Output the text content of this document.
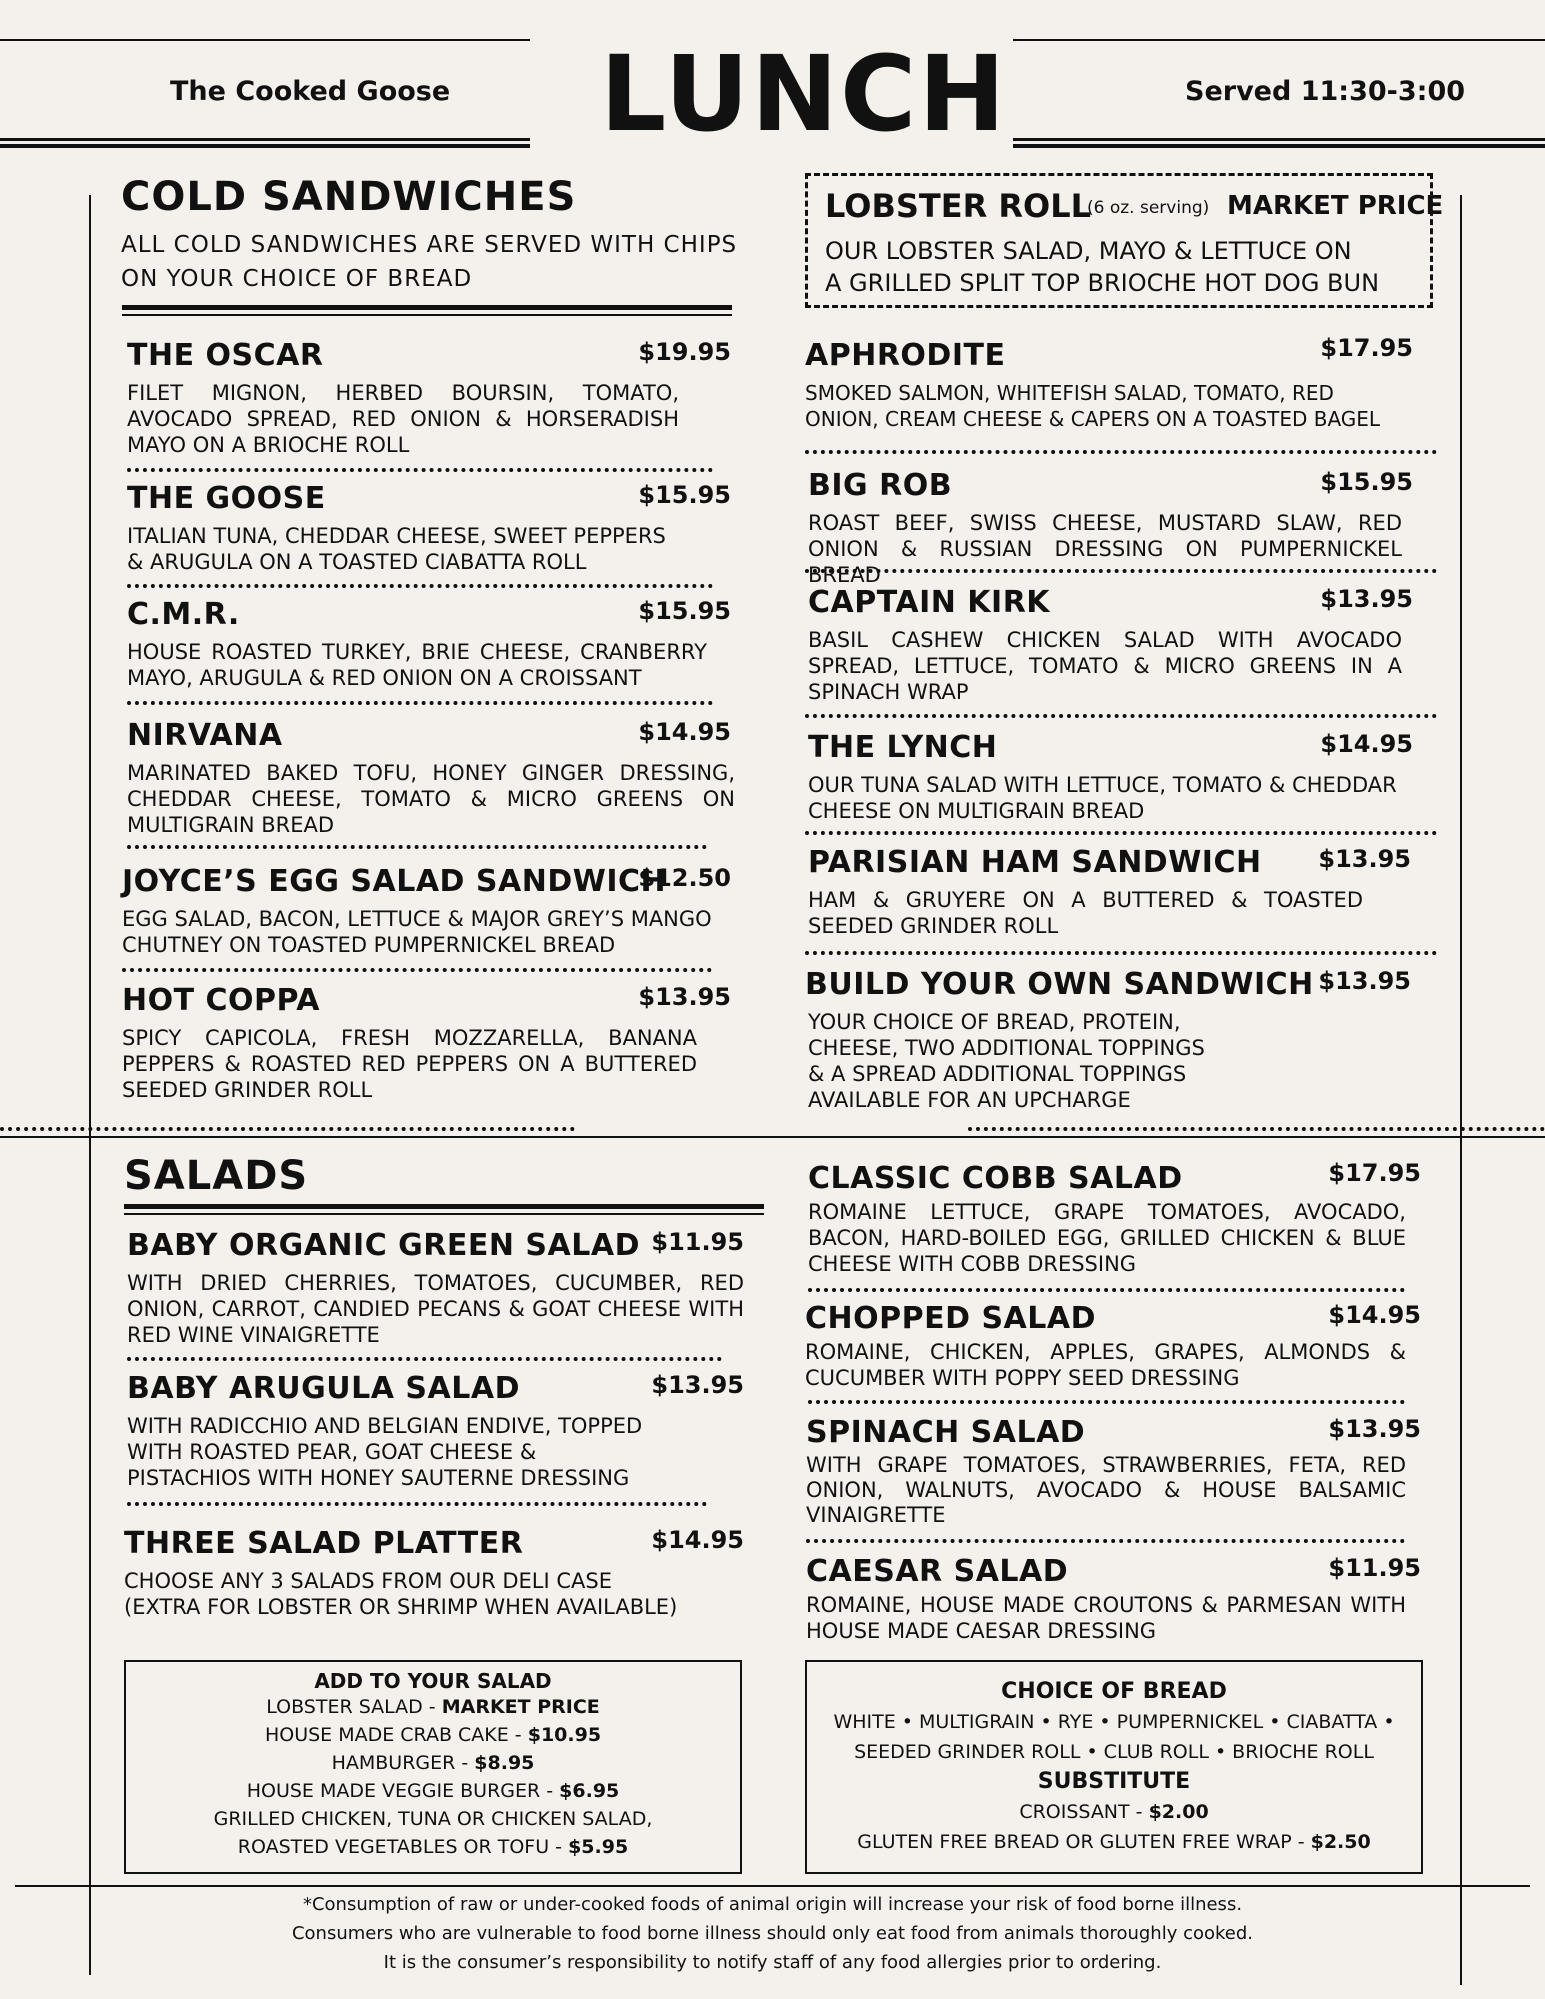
The Cooked Goose LUNCH	Served 11:30-3:00
COLD SANDWICHES
ALL COLD SANDWICHES ARE SERVED WITH CHIPS
ON YOUR CHOICE OF BREAD
THE OSCAR	$19.95
FILET MIGNON, HERBED BOURSIN, TOMATO, AVOCADO SPREAD, RED ONION & HORSERADISH MAYO ON A BRIOCHE ROLL
THE GOOSE	$15.95
ITALIAN TUNA, CHEDDAR CHEESE, SWEET PEPPERS & ARUGULA ON A TOASTED CIABATTA ROLL
C.M.R.	$15.95
HOUSE ROASTED TURKEY, BRIE CHEESE, CRANBERRY MAYO, ARUGULA & RED ONION ON A CROISSANT
NIRVANA	$14.95
MARINATED BAKED TOFU, HONEY GINGER DRESSING, CHEDDAR CHEESE, TOMATO & MICRO GREENS ON MULTIGRAIN BREAD
JOYCE’S EGG SALAD SANDWICH
$12.50
EGG SALAD, BACON, LETTUCE & MAJOR GREY’S MANGO CHUTNEY ON TOASTED PUMPERNICKEL BREAD
HOT COPPA	$13.95
SPICY CAPICOLA, FRESH MOZZARELLA, BANANA PEPPERS & ROASTED RED PEPPERS ON A BUTTERED SEEDED GRINDER ROLL
LOBSTER ROLL
(6 oz. serving) MARKET PRICE
OUR LOBSTER SALAD, MAYO & LETTUCE ON
A GRILLED SPLIT TOP BRIOCHE HOT DOG BUN
APHRODITE	$17.95
SMOKED SALMON, WHITEFISH SALAD, TOMATO, RED ONION, CREAM CHEESE & CAPERS ON A TOASTED BAGEL
BIG ROB	$15.95
ROAST BEEF, SWISS CHEESE, MUSTARD SLAW, RED ONION & RUSSIAN DRESSING ON PUMPERNICKEL BREAD
CAPTAIN KIRK	$13.95
BASIL CASHEW CHICKEN SALAD WITH AVOCADO SPREAD, LETTUCE, TOMATO & MICRO GREENS IN A SPINACH WRAP
THE LYNCH	$14.95
OUR TUNA SALAD WITH LETTUCE, TOMATO & CHEDDAR CHEESE ON MULTIGRAIN BREAD
PARISIAN HAM SANDWICH $13.95
HAM & GRUYERE ON A BUTTERED & TOASTED SEEDED GRINDER ROLL
BUILD YOUR OWN SANDWICH $13.95
YOUR CHOICE OF BREAD, PROTEIN, CHEESE, TWO ADDITIONAL TOPPINGS & A SPREAD ADDITIONAL TOPPINGS AVAILABLE FOR AN UPCHARGE
SALADS
BABY ORGANIC GREEN SALAD $11.95
WITH DRIED CHERRIES, TOMATOES, CUCUMBER, RED ONION, CARROT, CANDIED PECANS & GOAT CHEESE WITH RED WINE VINAIGRETTE
BABY ARUGULA SALAD	$13.95
WITH RADICCHIO AND BELGIAN ENDIVE, TOPPED WITH ROASTED PEAR, GOAT CHEESE & PISTACHIOS WITH HONEY SAUTERNE DRESSING
THREE SALAD PLATTER	$14.95
CHOOSE ANY 3 SALADS FROM OUR DELI CASE (EXTRA FOR LOBSTER OR SHRIMP WHEN AVAILABLE)
CLASSIC COBB SALAD	$17.95
ROMAINE LETTUCE, GRAPE TOMATOES, AVOCADO, BACON, HARD-BOILED EGG, GRILLED CHICKEN & BLUE CHEESE WITH COBB DRESSING
CHOPPED SALAD	$14.95
ROMAINE, CHICKEN, APPLES, GRAPES, ALMONDS & CUCUMBER WITH POPPY SEED DRESSING
SPINACH SALAD	$13.95
WITH GRAPE TOMATOES, STRAWBERRIES, FETA, RED ONION, WALNUTS, AVOCADO & HOUSE BALSAMIC VINAIGRETTE
CAESAR SALAD	$11.95
ROMAINE, HOUSE MADE CROUTONS & PARMESAN WITH HOUSE MADE CAESAR DRESSING
ADD TO YOUR SALAD
LOBSTER SALAD - MARKET PRICE
HOUSE MADE CRAB CAKE - $10.95
HAMBURGER - $8.95
HOUSE MADE VEGGIE BURGER - $6.95
GRILLED CHICKEN, TUNA OR CHICKEN SALAD,
ROASTED VEGETABLES OR TOFU - $5.95
CHOICE OF BREAD
WHITE • MULTIGRAIN • RYE • PUMPERNICKEL • CIABATTA •
SEEDED GRINDER ROLL • CLUB ROLL • BRIOCHE ROLL
SUBSTITUTE
CROISSANT - $2.00
GLUTEN FREE BREAD OR GLUTEN FREE WRAP - $2.50
*Consumption of raw or under-cooked foods of animal origin will increase your risk of food borne illness.
Consumers who are vulnerable to food borne illness should only eat food from animals thoroughly cooked.
It is the consumer’s responsibility to notify staff of any food allergies prior to ordering.
